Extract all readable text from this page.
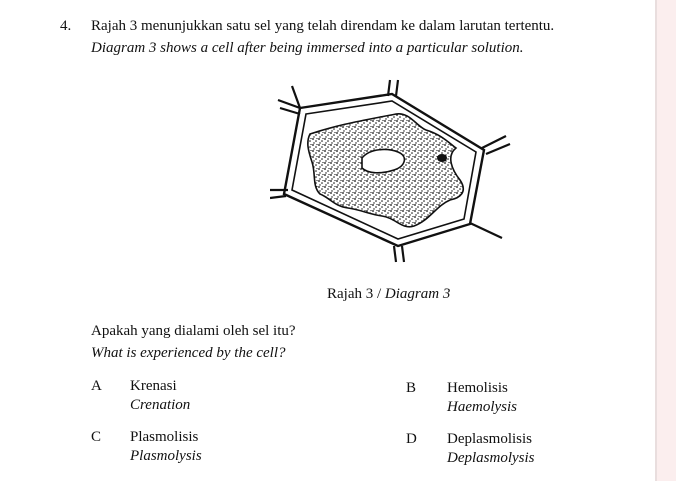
4. Rajah 3 menunjukkan satu sel yang telah direndam ke dalam larutan tertentu.
Diagram 3 shows a cell after being immersed into a particular solution.
Rajah 3 / Diagram 3
Apakah yang dialami oleh sel itu?
What is experienced by the cell?
A Krenasi
Crenation
B Hemolisis
Haemolysis
C Plasmolisis
Plasmolysis
D Deplasmolisis
Deplasmolysis
